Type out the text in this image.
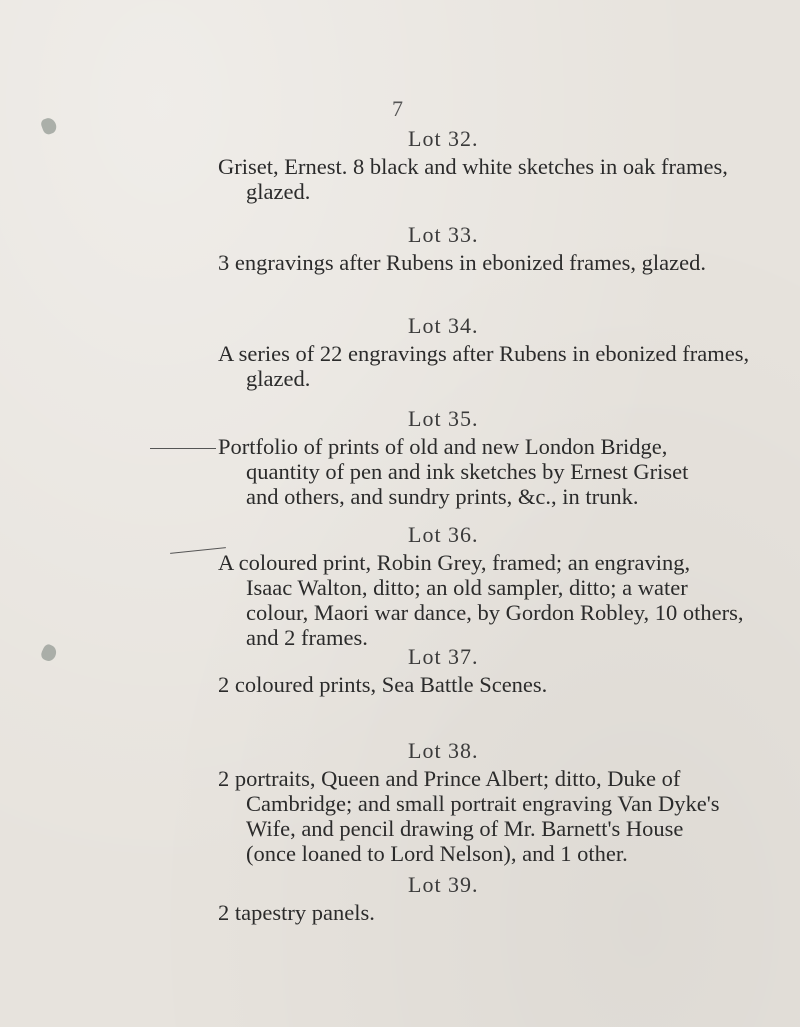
7
Lot 32.
Griset, Ernest. 8 black and white sketches in oak frames,
glazed.
Lot 33.
3 engravings after Rubens in ebonized frames, glazed.
Lot 34.
A series of 22 engravings after Rubens in ebonized frames,
glazed.
Lot 35.
Portfolio of prints of old and new London Bridge,
quantity of pen and ink sketches by Ernest Griset
and others, and sundry prints, &c., in trunk.
Lot 36.
A coloured print, Robin Grey, framed; an engraving,
Isaac Walton, ditto; an old sampler, ditto; a water
colour, Maori war dance, by Gordon Robley, 10 others,
and 2 frames.
Lot 37.
2 coloured prints, Sea Battle Scenes.
Lot 38.
2 portraits, Queen and Prince Albert; ditto, Duke of
Cambridge; and small portrait engraving Van Dyke's
Wife, and pencil drawing of Mr. Barnett's House
(once loaned to Lord Nelson), and 1 other.
Lot 39.
2 tapestry panels.
